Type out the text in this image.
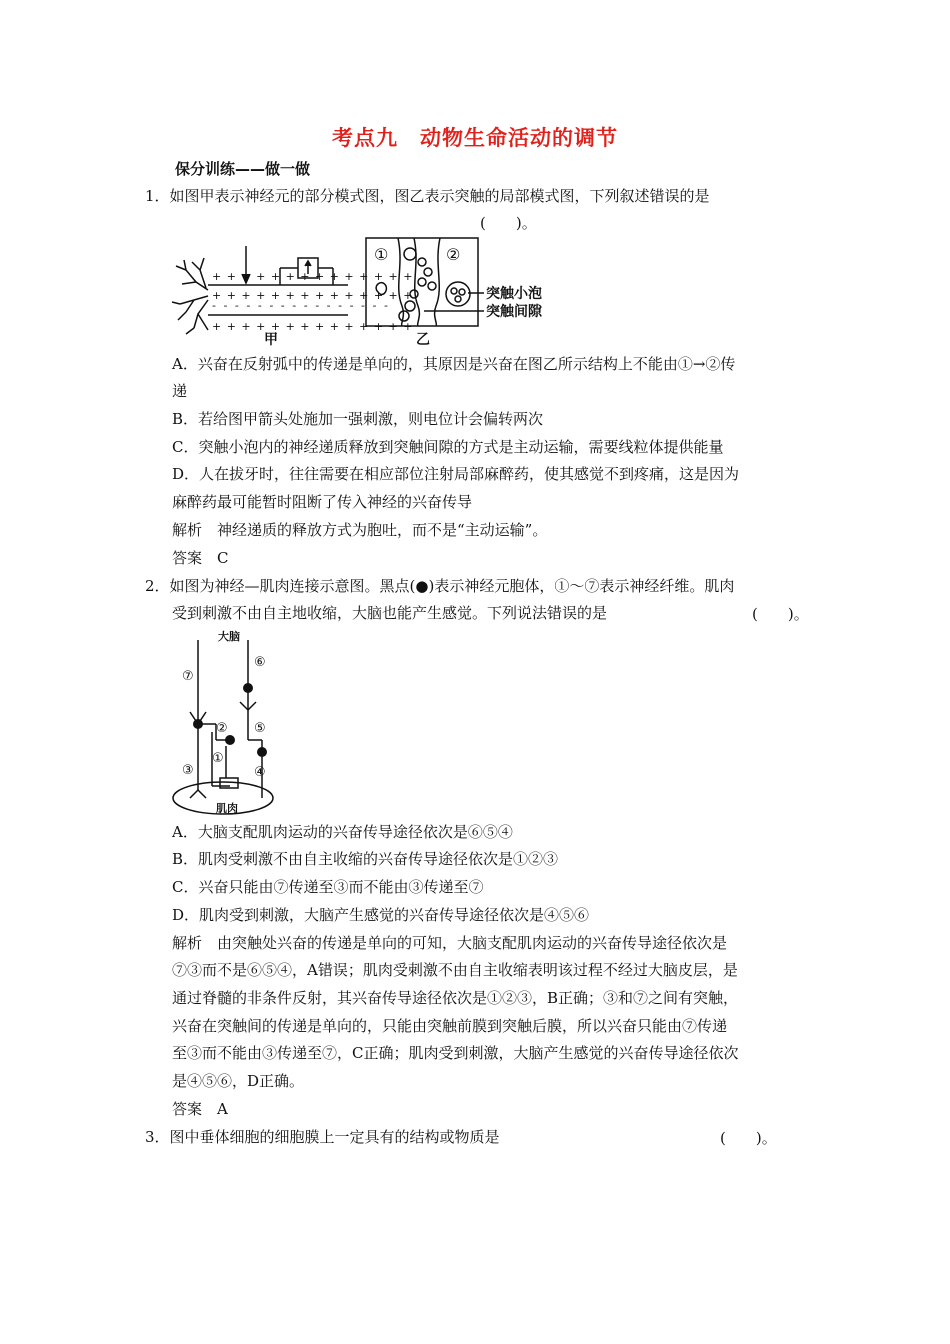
考点九　动物生命活动的调节
保分训练——做一做
1．如图甲表示神经元的部分模式图，图乙表示突触的局部模式图，下列叙述错误的是
(　　)。
+ + + + + + + + + + + + + +
- - - - - - - - - - - - - - - -
+ + + + + + + + + + + + + +
+ + + + + + + + + + + + + +
甲
①	②
突触小泡
突触间隙
乙
A．兴奋在反射弧中的传递是单向的，其原因是兴奋在图乙所示结构上不能由①→②传
递
B．若给图甲箭头处施加一强刺激，则电位计会偏转两次
C．突触小泡内的神经递质释放到突触间隙的方式是主动运输，需要线粒体提供能量
D．人在拔牙时，往往需要在相应部位注射局部麻醉药，使其感觉不到疼痛，这是因为
麻醉药最可能暂时阻断了传入神经的兴奋传导
解析　神经递质的释放方式为胞吐，而不是“主动运输”。
答案　C
2．如图为神经—肌肉连接示意图。黑点(●)表示神经元胞体，①～⑦表示神经纤维。肌肉
受到刺激不由自主地收缩，大脑也能产生感觉。下列说法错误的是	(　　)。
大脑
肌肉
⑦
⑥
⑤
④
③
②
①
A．大脑支配肌肉运动的兴奋传导途径依次是⑥⑤④
B．肌肉受刺激不由自主收缩的兴奋传导途径依次是①②③
C．兴奋只能由⑦传递至③而不能由③传递至⑦
D．肌肉受到刺激，大脑产生感觉的兴奋传导途径依次是④⑤⑥
解析　由突触处兴奋的传递是单向的可知，大脑支配肌肉运动的兴奋传导途径依次是
⑦③而不是⑥⑤④，A错误；肌肉受刺激不由自主收缩表明该过程不经过大脑皮层，是
通过脊髓的非条件反射，其兴奋传导途径依次是①②③，B正确；③和⑦之间有突触，
兴奋在突触间的传递是单向的，只能由突触前膜到突触后膜，所以兴奋只能由⑦传递
至③而不能由③传递至⑦，C正确；肌肉受到刺激，大脑产生感觉的兴奋传导途径依次
是④⑤⑥，D正确。
答案　A
3．图中垂体细胞的细胞膜上一定具有的结构或物质是	(　　)。
